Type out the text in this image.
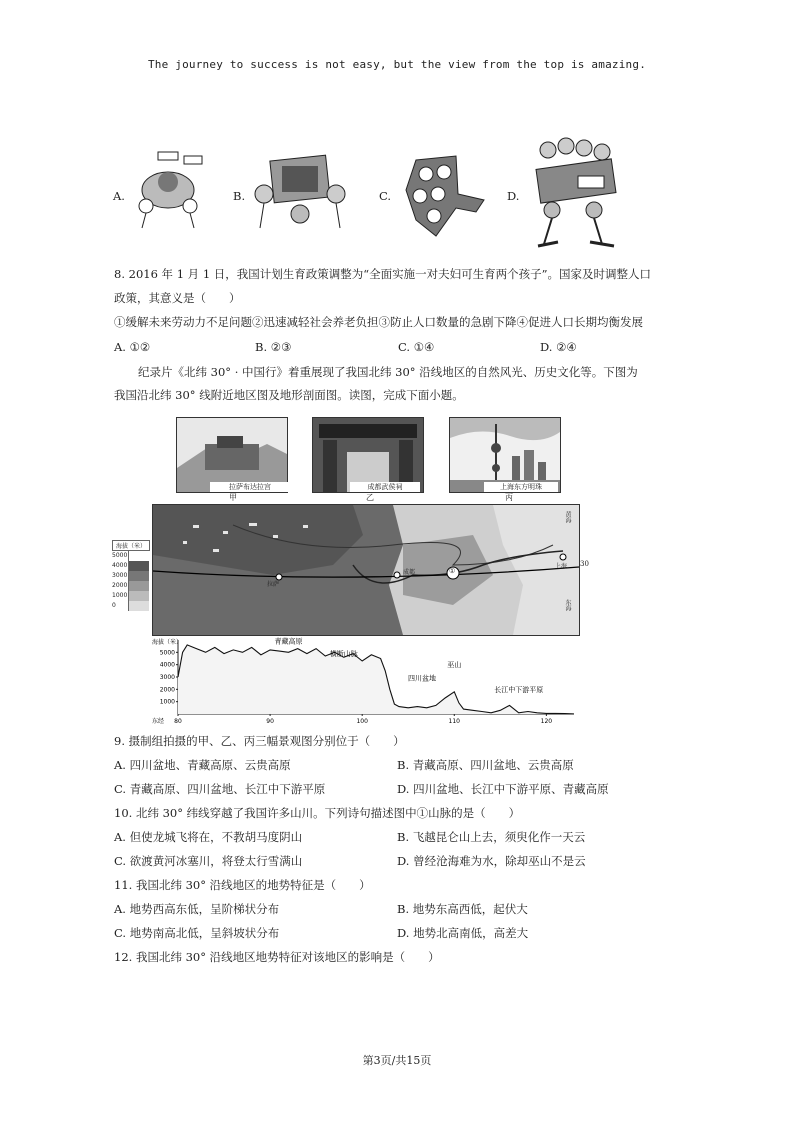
The journey to success is not easy, but the view from the top is amazing.
A.	B.	C.	D.
8. 2016 年 1 月 1 日，我国计划生育政策调整为“全面实施一对夫妇可生育两个孩子”。国家及时调整人口
政策，其意义是（　　）
①缓解未来劳动力不足问题②迅速减轻社会养老负担③防止人口数量的急剧下降④促进人口长期均衡发展
A. ①②	B. ②③	C. ①④	D. ②④
纪录片《北纬 30° · 中国行》着重展现了我国北纬 30° 沿线地区的自然风光、历史文化等。下图为
我国沿北纬 30° 线附近地区图及地形剖面图。读图，完成下面小题。
拉萨布达拉宫
甲
成都武侯祠
乙
上海东方明珠
丙
海拔（米）
5000
4000
3000
2000
1000
0
拉萨
成都	①
上海
黄海
东海
30
海拔（米）
东经
5000
4000
3000
2000
1000
80	90	100	110	120
青藏高原
横断山脉
四川盆地
巫山
长江中下游平原
9. 摄制组拍摄的甲、乙、丙三幅景观图分别位于（　　）
A. 四川盆地、青藏高原、云贵高原	B. 青藏高原、四川盆地、云贵高原
C. 青藏高原、四川盆地、长江中下游平原	D. 四川盆地、长江中下游平原、青藏高原
10. 北纬 30° 纬线穿越了我国许多山川。下列诗句描述图中①山脉的是（　　）
A. 但使龙城飞将在，不教胡马度阴山	B. 飞越昆仑山上去，须臾化作一天云
C. 欲渡黄河冰塞川，将登太行雪满山	D. 曾经沧海难为水，除却巫山不是云
11. 我国北纬 30° 沿线地区的地势特征是（　　）
A. 地势西高东低，呈阶梯状分布	B. 地势东高西低，起伏大
C. 地势南高北低，呈斜坡状分布	D. 地势北高南低，高差大
12. 我国北纬 30° 沿线地区地势特征对该地区的影响是（　　）
第3页/共15页
